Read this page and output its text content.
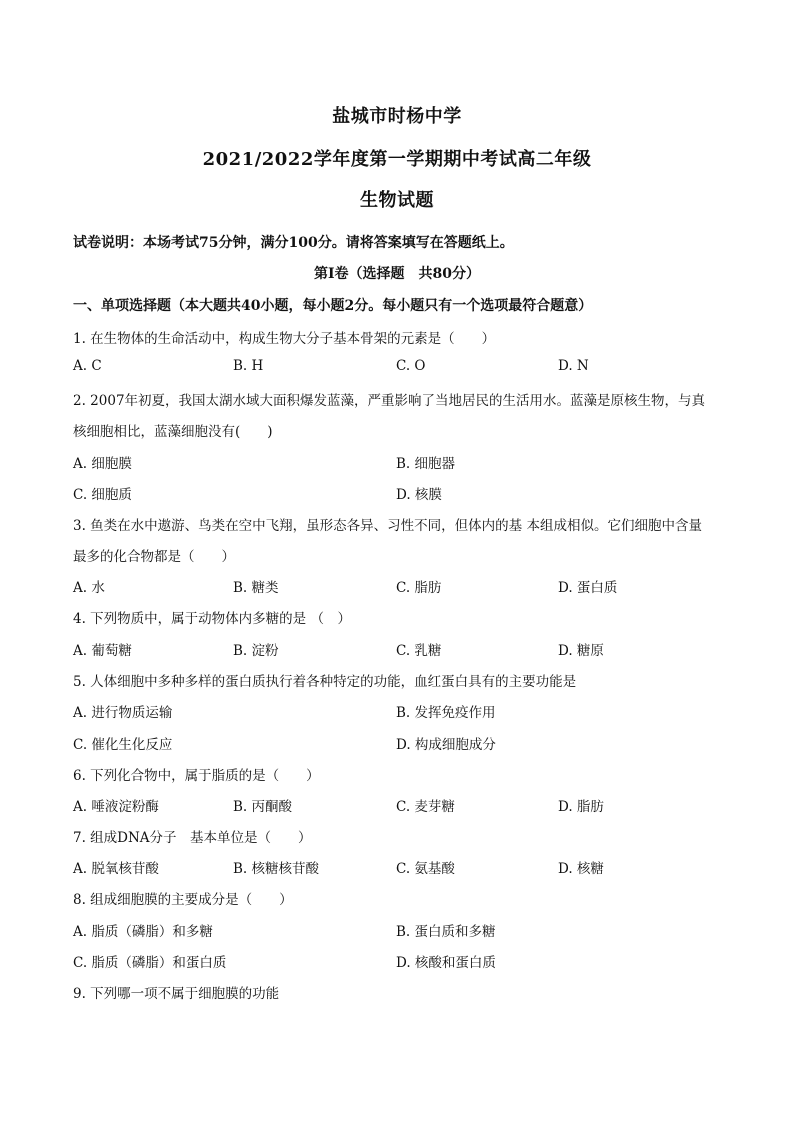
盐城市时杨中学
2021/2022学年度第一学期期中考试高二年级
生物试题
试卷说明：本场考试75分钟，满分100分。请将答案填写在答题纸上。
第Ⅰ卷（选择题　共80分）
一、单项选择题（本大题共40小题，每小题2分。每小题只有一个选项最符合题意）
1. 在生物体的生命活动中，构成生物大分子基本骨架的元素是（　　）
A. C	B. H	C. O	D. N
2. 2007年初夏，我国太湖水域大面积爆发蓝藻，严重影响了当地居民的生活用水。蓝藻是原核生物，与真
核细胞相比，蓝藻细胞没有(　　)
A. 细胞膜	B. 细胞器
C. 细胞质	D. 核膜
3. 鱼类在水中遨游、鸟类在空中飞翔，虽形态各异、习性不同，但体内的基 本组成相似。它们细胞中含量
最多的化合物都是（　　）
A. 水	B. 糖类	C. 脂肪	D. 蛋白质
4. 下列物质中，属于动物体内多糖的是 （　）
A. 葡萄糖	B. 淀粉	C. 乳糖	D. 糖原
5. 人体细胞中多种多样的蛋白质执行着各种特定的功能，血红蛋白具有的主要功能是
A. 进行物质运输	B. 发挥免疫作用
C. 催化生化反应	D. 构成细胞成分
6. 下列化合物中，属于脂质的是（　　）
A. 唾液淀粉酶	B. 丙酮酸	C. 麦芽糖	D. 脂肪
7. 组成DNA分子　基本单位是（　　）
A. 脱氧核苷酸	B. 核糖核苷酸	C. 氨基酸	D. 核糖
8. 组成细胞膜的主要成分是（　　）
A. 脂质（磷脂）和多糖	B. 蛋白质和多糖
C. 脂质（磷脂）和蛋白质	D. 核酸和蛋白质
9. 下列哪一项不属于细胞膜的功能
